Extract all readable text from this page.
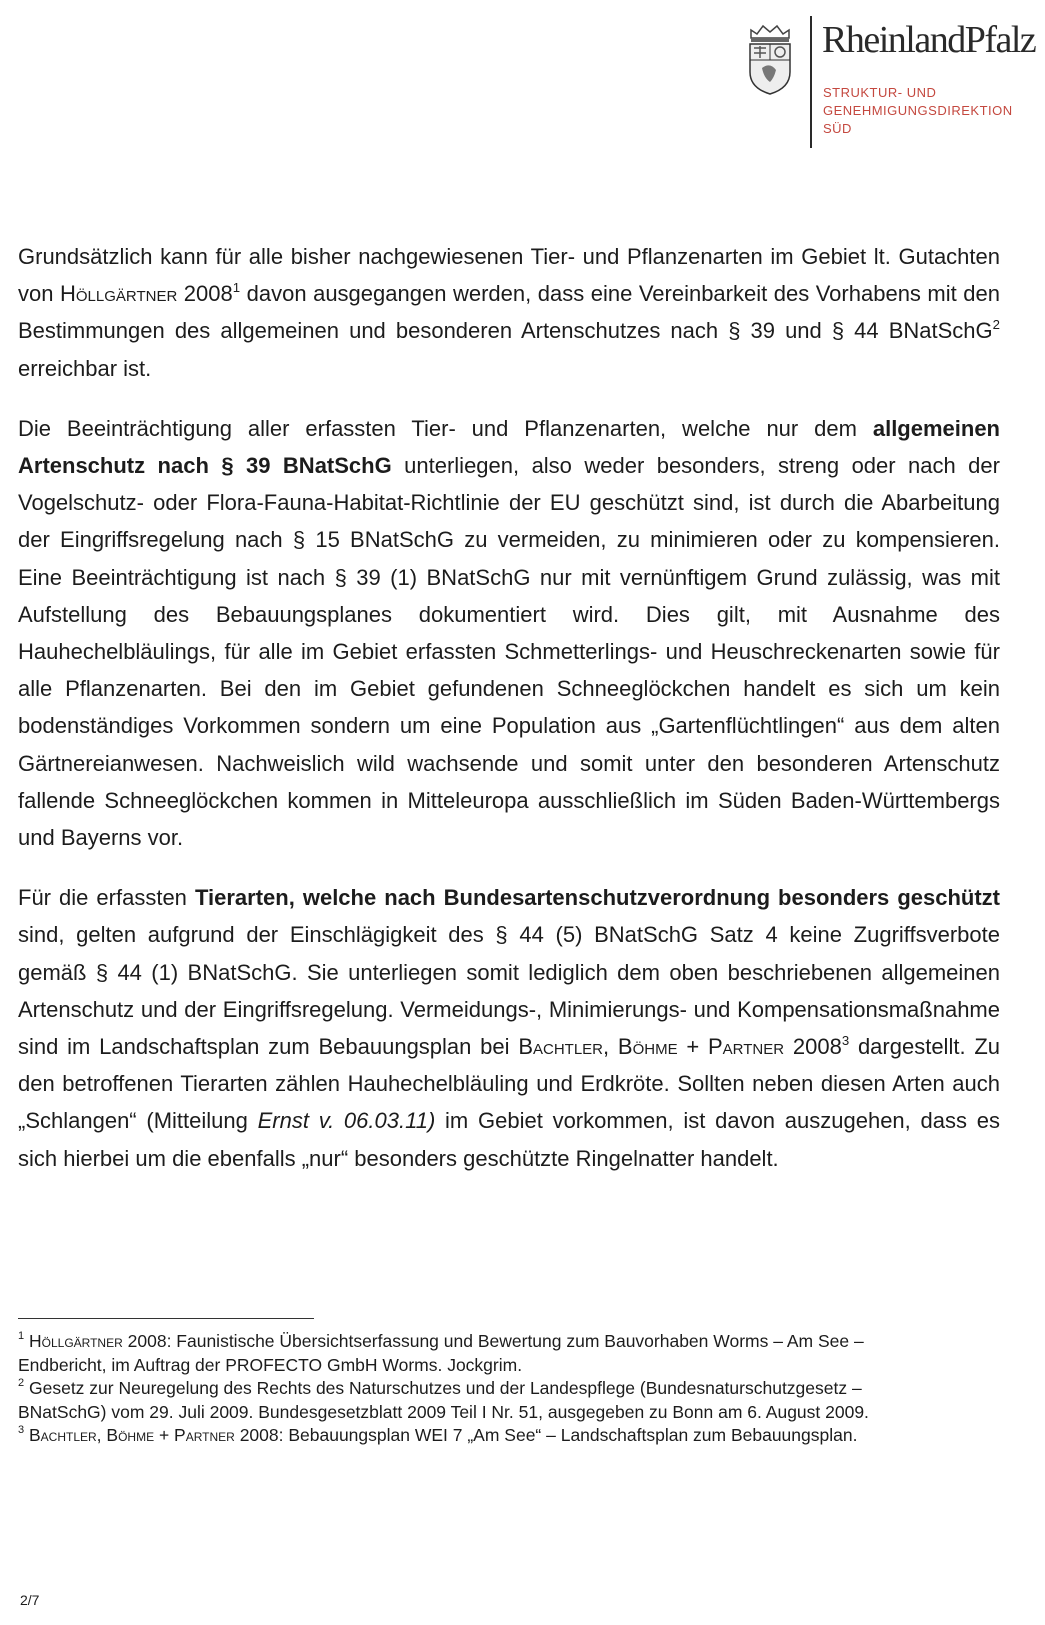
RheinlandPfalz
STRUKTUR- UND
GENEHMIGUNGSDIREKTION
SÜD

Grundsätzlich kann für alle bisher nachgewiesenen Tier- und Pflanzenarten im Gebiet lt. Gutachten von Höllgärtner 2008$^1$ davon ausgegangen werden, dass eine Vereinbarkeit des Vorhabens mit den Bestimmungen des allgemeinen und besonderen Artenschutzes nach § 39 und § 44 BNatSchG$^2$ erreichbar ist.

Die Beeinträchtigung aller erfassten Tier- und Pflanzenarten, welche nur dem allgemeinen Artenschutz nach § 39 BNatSchG unterliegen, also weder besonders, streng oder nach der Vogelschutz- oder Flora-Fauna-Habitat-Richtlinie der EU geschützt sind, ist durch die Abarbeitung der Eingriffsregelung nach § 15 BNatSchG zu vermeiden, zu minimieren oder zu kompensieren. Eine Beeinträchtigung ist nach § 39 (1) BNatSchG nur mit vernünftigem Grund zulässig, was mit Aufstellung des Bebauungsplanes dokumentiert wird. Dies gilt, mit Ausnahme des Hauhechelbläulings, für alle im Gebiet erfassten Schmetterlings- und Heuschreckenarten sowie für alle Pflanzenarten. Bei den im Gebiet gefundenen Schneeglöckchen handelt es sich um kein bodenständiges Vorkommen sondern um eine Population aus „Gartenflüchtlingen“ aus dem alten Gärtnereianwesen. Nachweislich wild wachsende und somit unter den besonderen Artenschutz fallende Schneeglöckchen kommen in Mitteleuropa ausschließlich im Süden Baden-Württembergs und Bayerns vor.

Für die erfassten Tierarten, welche nach Bundesartenschutzverordnung besonders geschützt sind, gelten aufgrund der Einschlägigkeit des § 44 (5) BNatSchG Satz 4 keine Zugriffsverbote gemäß § 44 (1) BNatSchG. Sie unterliegen somit lediglich dem oben beschriebenen allgemeinen Artenschutz und der Eingriffsregelung. Vermeidungs-, Minimierungs- und Kompensationsmaßnahme sind im Landschaftsplan zum Bebauungsplan bei Bachtler, Böhme + Partner 2008$^3$ dargestellt. Zu den betroffenen Tierarten zählen Hauhechelbläuling und Erdkröte. Sollten neben diesen Arten auch „Schlangen“ (Mitteilung Ernst v. 06.03.11) im Gebiet vorkommen, ist davon auszugehen, dass es sich hierbei um die ebenfalls „nur“ besonders geschützte Ringelnatter handelt.

$^1$ Höllgärtner 2008: Faunistische Übersichtserfassung und Bewertung zum Bauvorhaben Worms – Am See – Endbericht, im Auftrag der PROFECTO GmbH Worms. Jockgrim.

$^2$ Gesetz zur Neuregelung des Rechts des Naturschutzes und der Landespflege (Bundesnaturschutzgesetz – BNatSchG) vom 29. Juli 2009. Bundesgesetzblatt 2009 Teil I Nr. 51, ausgegeben zu Bonn am 6. August 2009.

$^3$ Bachtler, Böhme + Partner 2008: Bebauungsplan WEI 7 „Am See“ – Landschaftsplan zum Bebauungsplan.

2/7
